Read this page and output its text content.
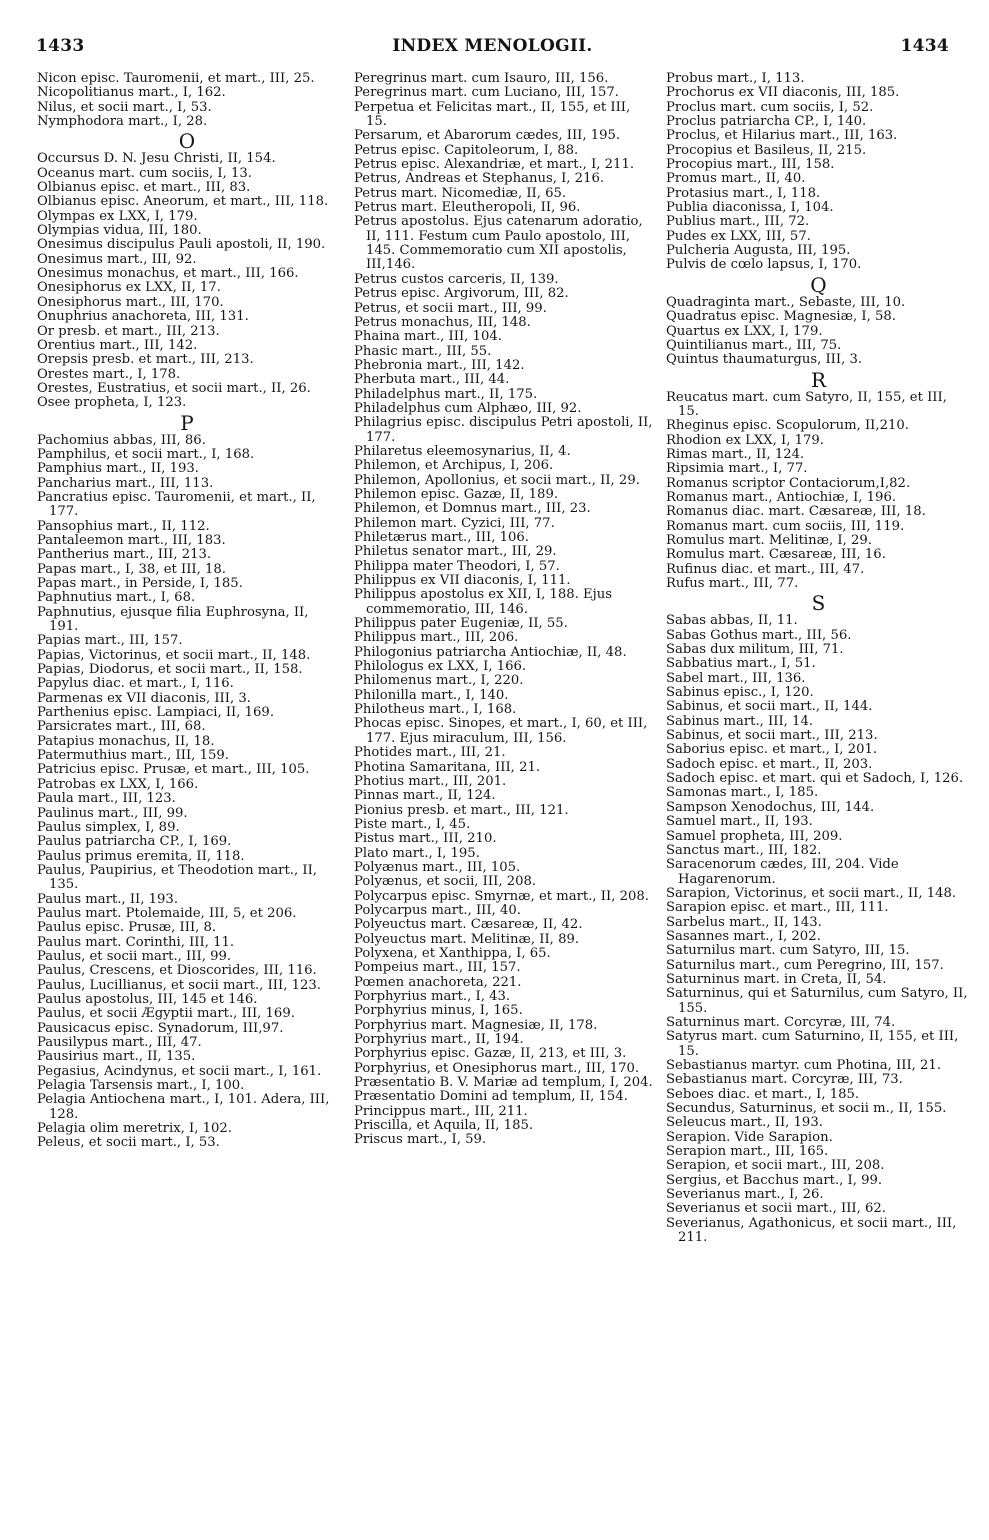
1433	INDEX MENOLOGII.	1434
Nicon episc. Tauromenii, et mart., III, 25.
Nicopolitianus mart., I, 162.
Nilus, et socii mart., I, 53.
Nymphodora mart., I, 28.
O
Occursus D. N. Jesu Christi, II, 154.
Oceanus mart. cum sociis, I, 13.
Olbianus episc. et mart., III, 83.
Olbianus episc. Aneorum, et mart., III, 118.
Olympas ex LXX, I, 179.
Olympias vidua, III, 180.
Onesimus discipulus Pauli apostoli, II, 190.
Onesimus mart., III, 92.
Onesimus monachus, et mart., III, 166.
Onesiphorus ex LXX, II, 17.
Onesiphorus mart., III, 170.
Onuphrius anachoreta, III, 131.
Or presb. et mart., III, 213.
Orentius mart., III, 142.
Orepsis presb. et mart., III, 213.
Orestes mart., I, 178.
Orestes, Eustratius, et socii mart., II, 26.
Osee propheta, I, 123.
P
Pachomius abbas, III, 86.
Pamphilus, et socii mart., I, 168.
Pamphius mart., II, 193.
Pancharius mart., III, 113.
Pancratius episc. Tauromenii, et mart., II, 177.
Pansophius mart., II, 112.
Pantaleemon mart., III, 183.
Pantherius mart., III, 213.
Papas mart., I, 38, et III, 18.
Papas mart., in Perside, I, 185.
Paphnutius mart., I, 68.
Paphnutius, ejusque filia Euphrosyna, II, 191.
Papias mart., III, 157.
Papias, Victorinus, et socii mart., II, 148.
Papias, Diodorus, et socii mart., II, 158.
Papylus diac. et mart., I, 116.
Parmenas ex VII diaconis, III, 3.
Parthenius episc. Lampiaci, II, 169.
Parsicrates mart., III, 68.
Patapius monachus, II, 18.
Patermuthius mart., III, 159.
Patricius episc. Prusæ, et mart., III, 105.
Patrobas ex LXX, I, 166.
Paula mart., III, 123.
Paulinus mart., III, 99.
Paulus simplex, I, 89.
Paulus patriarcha CP., I, 169.
Paulus primus eremita, II, 118.
Paulus, Paupirius, et Theodotion mart., II, 135.
Paulus mart., II, 193.
Paulus mart. Ptolemaide, III, 5, et 206.
Paulus episc. Prusæ, III, 8.
Paulus mart. Corinthi, III, 11.
Paulus, et socii mart., III, 99.
Paulus, Crescens, et Dioscorides, III, 116.
Paulus, Lucillianus, et socii mart., III, 123.
Paulus apostolus, III, 145 et 146.
Paulus, et socii Ægyptii mart., III, 169.
Pausicacus episc. Synadorum, III,97.
Pausilypus mart., III, 47.
Pausirius mart., II, 135.
Pegasius, Acindynus, et socii mart., I, 161.
Pelagia Tarsensis mart., I, 100.
Pelagia Antiochena mart., I, 101. Adera, III, 128.
Pelagia olim meretrix, I, 102.
Peleus, et socii mart., I, 53.
Peregrinus mart. cum Isauro, III, 156.
Peregrinus mart. cum Luciano, III, 157.
Perpetua et Felicitas mart., II, 155, et III, 15.
Persarum, et Abarorum cædes, III, 195.
Petrus episc. Capitoleorum, I, 88.
Petrus episc. Alexandriæ, et mart., I, 211.
Petrus, Andreas et Stephanus, I, 216.
Petrus mart. Nicomediæ, II, 65.
Petrus mart. Eleutheropoli, II, 96.
Petrus apostolus. Ejus catenarum adoratio, II, 111. Festum cum Paulo apostolo, III, 145. Commemoratio cum XII apostolis, III,146.
Petrus custos carceris, II, 139.
Petrus episc. Argivorum, III, 82.
Petrus, et socii mart., III, 99.
Petrus monachus, III, 148.
Phaina mart., III, 104.
Phasic mart., III, 55.
Phebronia mart., III, 142.
Pherbuta mart., III, 44.
Philadelphus mart., II, 175.
Philadelphus cum Alphæo, III, 92.
Philagrius episc. discipulus Petri apostoli, II, 177.
Philaretus eleemosynarius, II, 4.
Philemon, et Archipus, I, 206.
Philemon, Apollonius, et socii mart., II, 29.
Philemon episc. Gazæ, II, 189.
Philemon, et Domnus mart., III, 23.
Philemon mart. Cyzici, III, 77.
Philetærus mart., III, 106.
Philetus senator mart., III, 29.
Philippa mater Theodori, I, 57.
Philippus ex VII diaconis, I, 111.
Philippus apostolus ex XII, I, 188. Ejus commemoratio, III, 146.
Philippus pater Eugeniæ, II, 55.
Philippus mart., III, 206.
Philogonius patriarcha Antiochiæ, II, 48.
Philologus ex LXX, I, 166.
Philomenus mart., I, 220.
Philonilla mart., I, 140.
Philotheus mart., I, 168.
Phocas episc. Sinopes, et mart., I, 60, et III, 177. Ejus miraculum, III, 156.
Photides mart., III, 21.
Photina Samaritana, III, 21.
Photius mart., III, 201.
Pinnas mart., II, 124.
Pionius presb. et mart., III, 121.
Piste mart., I, 45.
Pistus mart., III, 210.
Plato mart., I, 195.
Polyænus mart., III, 105.
Polyænus, et socii, III, 208.
Polycarpus episc. Smyrnæ, et mart., II, 208.
Polycarpus mart., III, 40.
Polyeuctus mart. Cæsareæ, II, 42.
Polyeuctus mart. Melitinæ, II, 89.
Polyxena, et Xanthippa, I, 65.
Pompeius mart., III, 157.
Pœmen anachoreta, 221.
Porphyrius mart., I, 43.
Porphyrius minus, I, 165.
Porphyrius mart. Magnesiæ, II, 178.
Porphyrius mart., II, 194.
Porphyrius episc. Gazæ, II, 213, et III, 3.
Porphyrius, et Onesiphorus mart., III, 170.
Præsentatio B. V. Mariæ ad templum, I, 204.
Præsentatio Domini ad templum, II, 154.
Princippus mart., III, 211.
Priscilla, et Aquila, II, 185.
Priscus mart., I, 59.
Probus mart., I, 113.
Prochorus ex VII diaconis, III, 185.
Proclus mart. cum sociis, I, 52.
Proclus patriarcha CP., I, 140.
Proclus, et Hilarius mart., III, 163.
Procopius et Basileus, II, 215.
Procopius mart., III, 158.
Promus mart., II, 40.
Protasius mart., I, 118.
Publia diaconissa, I, 104.
Publius mart., III, 72.
Pudes ex LXX, III, 57.
Pulcheria Augusta, III, 195.
Pulvis de cœlo lapsus, I, 170.
Q
Quadraginta mart., Sebaste, III, 10.
Quadratus episc. Magnesiæ, I, 58.
Quartus ex LXX, I, 179.
Quintilianus mart., III, 75.
Quintus thaumaturgus, III, 3.
R
Reucatus mart. cum Satyro, II, 155, et III, 15.
Rheginus episc. Scopulorum, II,210.
Rhodion ex LXX, I, 179.
Rimas mart., II, 124.
Ripsimia mart., I, 77.
Romanus scriptor Contaciorum,I,82.
Romanus mart., Antiochiæ, I, 196.
Romanus diac. mart. Cæsareæ, III, 18.
Romanus mart. cum sociis, III, 119.
Romulus mart. Melitinæ, I, 29.
Romulus mart. Cæsareæ, III, 16.
Rufinus diac. et mart., III, 47.
Rufus mart., III, 77.
S
Sabas abbas, II, 11.
Sabas Gothus mart., III, 56.
Sabas dux militum, III, 71.
Sabbatius mart., I, 51.
Sabel mart., III, 136.
Sabinus episc., I, 120.
Sabinus, et socii mart., II, 144.
Sabinus mart., III, 14.
Sabinus, et socii mart., III, 213.
Saborius episc. et mart., I, 201.
Sadoch episc. et mart., II, 203.
Sadoch episc. et mart. qui et Sadoch, I, 126.
Samonas mart., I, 185.
Sampson Xenodochus, III, 144.
Samuel mart., II, 193.
Samuel propheta, III, 209.
Sanctus mart., III, 182.
Saracenorum cædes, III, 204. Vide Hagarenorum.
Sarapion, Victorinus, et socii mart., II, 148.
Sarapion episc. et mart., III, 111.
Sarbelus mart., II, 143.
Sasannes mart., I, 202.
Saturnilus mart. cum Satyro, III, 15.
Saturnilus mart., cum Peregrino, III, 157.
Saturninus mart. in Creta, II, 54.
Saturninus, qui et Saturnilus, cum Satyro, II, 155.
Saturninus mart. Corcyræ, III, 74.
Satyrus mart. cum Saturnino, II, 155, et III, 15.
Sebastianus martyr. cum Photina, III, 21.
Sebastianus mart. Corcyræ, III, 73.
Seboes diac. et mart., I, 185.
Secundus, Saturninus, et socii m., II, 155.
Seleucus mart., II, 193.
Serapion. Vide Sarapion.
Serapion mart., III, 165.
Serapion, et socii mart., III, 208.
Sergius, et Bacchus mart., I, 99.
Severianus mart., I, 26.
Severianus et socii mart., III, 62.
Severianus, Agathonicus, et socii mart., III, 211.
